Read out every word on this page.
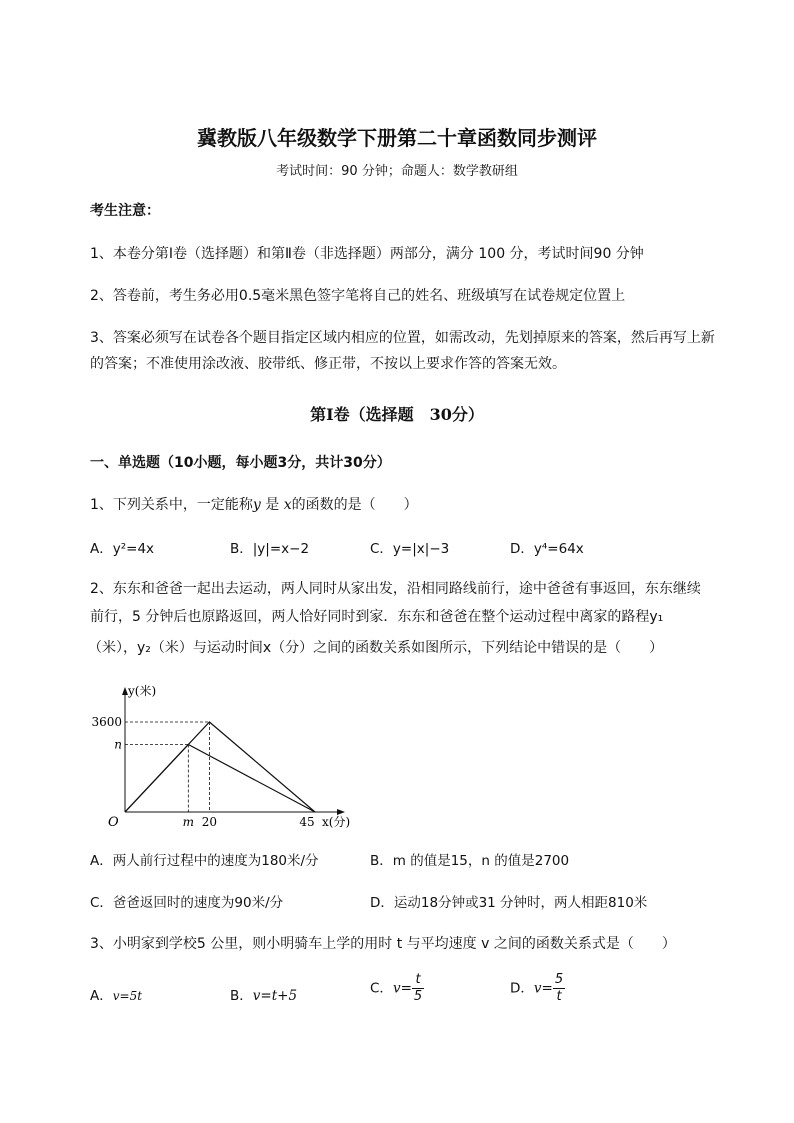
冀教版八年级数学下册第二十章函数同步测评
考试时间：90 分钟；命题人：数学教研组
考生注意：
1、本卷分第Ⅰ卷（选择题）和第Ⅱ卷（非选择题）两部分，满分 100 分，考试时间90 分钟
2、答卷前，考生务必用0.5毫米黑色签字笔将自己的姓名、班级填写在试卷规定位置上
3、答案必须写在试卷各个题目指定区域内相应的位置，如需改动，先划掉原来的答案，然后再写上新
的答案；不准使用涂改液、胶带纸、修正带，不按以上要求作答的答案无效。
第Ⅰ卷（选择题　30分）
一、单选题（10小题，每小题3分，共计30分）
1、下列关系中，一定能称y 是 x的函数的是（　　）
A．y²=4x	B．|y|=x−2	C．y=|x|−3	D．y⁴=64x
2、东东和爸爸一起出去运动，两人同时从家出发，沿相同路线前行，途中爸爸有事返回，东东继续
前行，5 分钟后也原路返回，两人恰好同时到家．东东和爸爸在整个运动过程中离家的路程y₁
（米），y₂（米）与运动时间x（分）之间的函数关系如图所示，下列结论中错误的是（　　）
O
y(米)
x(分)
m 20	45
3600
n
A．两人前行过程中的速度为180米/分	B．m 的值是15，n 的值是2700
C．爸爸返回时的速度为90米/分	D．运动18分钟或31 分钟时，两人相距810米
3、小明家到学校5 公里，则小明骑车上学的用时 t 与平均速度 v 之间的函数关系式是（　　）
A．v=5t	B．v=t+5	C．$v= \frac{t}{5}$	D．$v= \frac{5}{t}$
